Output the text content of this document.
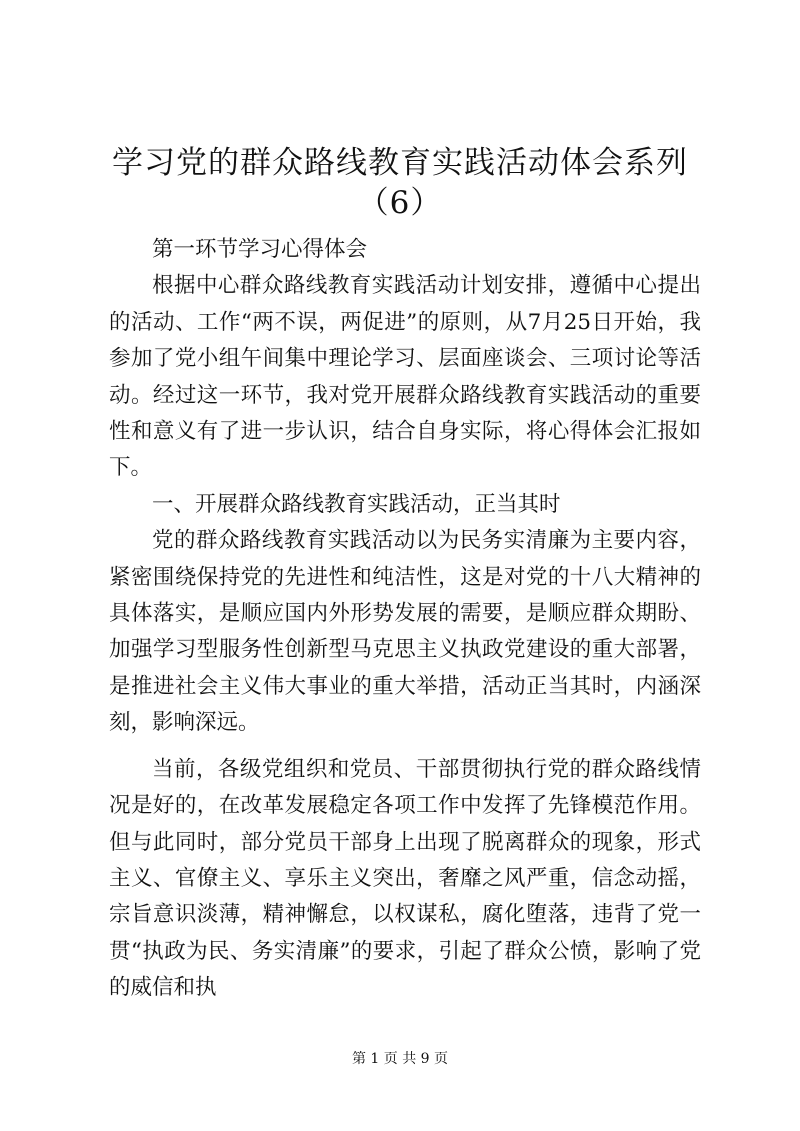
学习党的群众路线教育实践活动体会系列
（6）

第一环节学习心得体会

根据中心群众路线教育实践活动计划安排，遵循中心提出的活动、工作“两不误，两促进”的原则，从7月25日开始，我参加了党小组午间集中理论学习、层面座谈会、三项讨论等活动。经过这一环节，我对党开展群众路线教育实践活动的重要性和意义有了进一步认识，结合自身实际，将心得体会汇报如下。

一、开展群众路线教育实践活动，正当其时

党的群众路线教育实践活动以为民务实清廉为主要内容，紧密围绕保持党的先进性和纯洁性，这是对党的十八大精神的具体落实，是顺应国内外形势发展的需要，是顺应群众期盼、加强学习型服务性创新型马克思主义执政党建设的重大部署，是推进社会主义伟大事业的重大举措，活动正当其时，内涵深刻，影响深远。

当前，各级党组织和党员、干部贯彻执行党的群众路线情况是好的，在改革发展稳定各项工作中发挥了先锋模范作用。但与此同时，部分党员干部身上出现了脱离群众的现象，形式主义、官僚主义、享乐主义突出，奢靡之风严重，信念动摇，宗旨意识淡薄，精神懈怠，以权谋私，腐化堕落，违背了党一贯“执政为民、务实清廉”的要求，引起了群众公愤，影响了党的威信和执

第 1 页 共 9 页
